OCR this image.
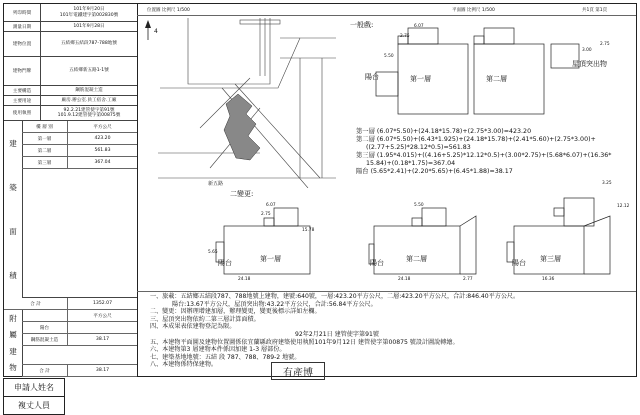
列印時間
101年9月20日
101年電鐵建字第002830號
測量日期	101年9月28日
建物位置	五結鄉五結段787-788地號
建物門牌	五結鄉新五路1-1號
主要構造	鋼筋混凝土造
主要用途	廠房.辦公室.員工宿舍.工廠
使用執照
92.2.21建管使字第91號
101.9.12建管使字第00875號
建
築
面
積
樓 層 別	平方公尺
第一層	423.20
第二層	561.83
第三層	367.04
合 計	1352.07
附
屬
建
物
平方公尺
陽台
鋼筋混凝土造	38.17
合 計	38.17
位置圖 比例尺 1/500	平面圖 比例尺 1/500	共1頁 第1頁
4
新五路
一般戲:	6.07
2.75
5.50
2.75
3.00
陽台	第一層	第二層
屋頂突出物
第一層 (6.07*5.50)+(24.18*15.78)+(2.75*3.00)=423.20
第二層 (6.07*5.50)+(6.43*1.925)+(24.18*15.78)+(2.41*5.60)+(2.75*3.00)+
((2.77+5.25)*28.12*0.5)=561.83
第三層 (1.95*4.015)+((4.16+5.25)*12.12*0.5)+(3.00*2.75)+(5.68*6.07)+(16.36*
15.84)+(0.18*1.75)=367.04
陽台 (5.65*2.41)+(2.20*5.65)+(6.45*1.88)=38.17
二變更:
6.07
2.75
5.50
3.25
12.12
15.78
24.18	24.18	16.36
5.65
2.77
陽台	第一層	陽台	第二層	陽台 第三層
一、旅載：五結鄉五結段787、788地號上建物，建號:640號，一層:423.20平方公尺，二層:423.20平方公尺，合計:846.40平方公尺。
陽台:13.67平方公尺，屋頂突出物:43.22平方公尺，合計:56.84平方公尺。
二、變更：因辦理增建加層，辦理變更，變更後標示詳如左欄。
三、屋頂突出物依約二第三層計算面積。
四、本成果表依建物登記為限。
92年2月21日 建管使字第91號
五、本建物平面圖及建物位置圖係依宜蘭縣政府建築使用執照101年9月12日 建管使字第00875 號設計圖說轉繪。
六、本建物第3 層建物本件係因加建 1-3 層部份。
七、建築基地地號：五結 段 787、788、789-2 地號。
八、本建物係特保建物。
有產博
申請人姓名
複丈人員
